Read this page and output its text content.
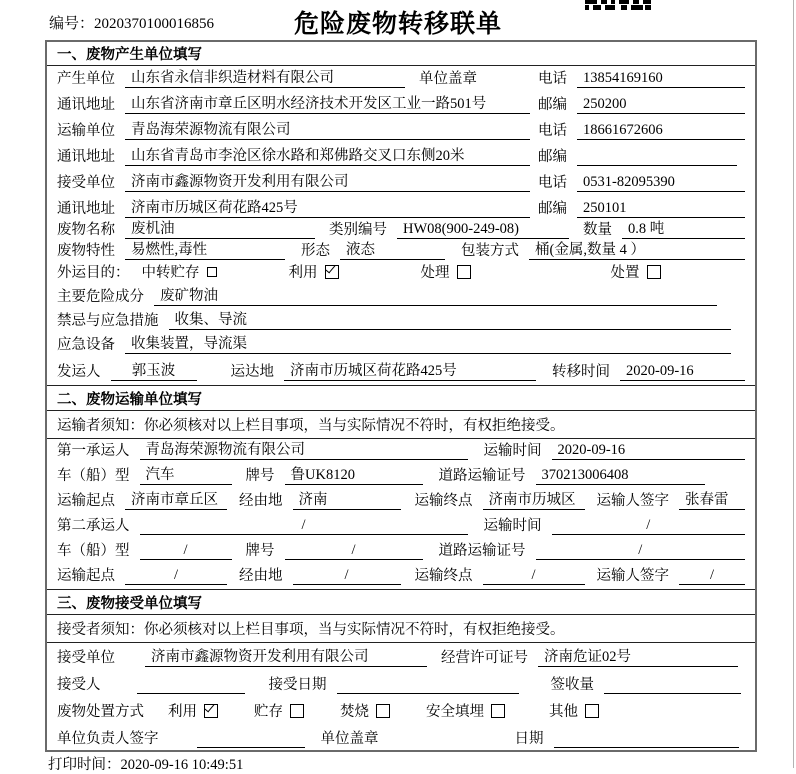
编号：2020370100016856	危险废物转移联单
一、废物产生单位填写
产生单位	山东省永信非织造材料有限公司	单位盖章	电话	13854169160
通讯地址	山东省济南市章丘区明水经济技术开发区工业一路501号	邮编	250200
运输单位	青岛海荣源物流有限公司	电话	18661672606
通讯地址	山东省青岛市李沧区徐水路和郑佛路交叉口东侧20米	邮编
接受单位	济南市鑫源物资开发利用有限公司	电话	0531-82095390
通讯地址	济南市历城区荷花路425号	邮编	250101
废物名称	废机油	类别编号	HW08(900-249-08)	数量	0.8 吨
废物特性	易燃性,毒性	形态	液态	包装方式	桶(金属,数量 4 ）
外运目的： 中转贮存	利用	处理	处置
主要危险成分	废矿物油
禁忌与应急措施	收集、导流
应急设备	收集装置，导流渠
发运人	郭玉波	运达地	济南市历城区荷花路425号	转移时间	2020-09-16
二、废物运输单位填写
运输者须知：你必须核对以上栏目事项，当与实际情况不符时，有权拒绝接受。
第一承运人	青岛海荣源物流有限公司	运输时间	2020-09-16
车（船）型	汽车	牌号	鲁UK8120	道路运输证号	370213006408
运输起点	济南市章丘区	经由地	济南	运输终点	济南市历城区	运输人签字	张春雷
第二承运人	/	运输时间	/
车（船）型	/	牌号	/	道路运输证号	/
运输起点	/	经由地	/	运输终点	/	运输人签字	/
三、废物接受单位填写
接受者须知：你必须核对以上栏目事项，当与实际情况不符时，有权拒绝接受。
接受单位	济南市鑫源物资开发利用有限公司	经营许可证号	济南危证02号
接受人	接受日期	签收量
废物处置方式 利用	贮存	焚烧	安全填埋	其他
单位负责人签字	单位盖章	日期
打印时间：2020-09-16 10:49:51
